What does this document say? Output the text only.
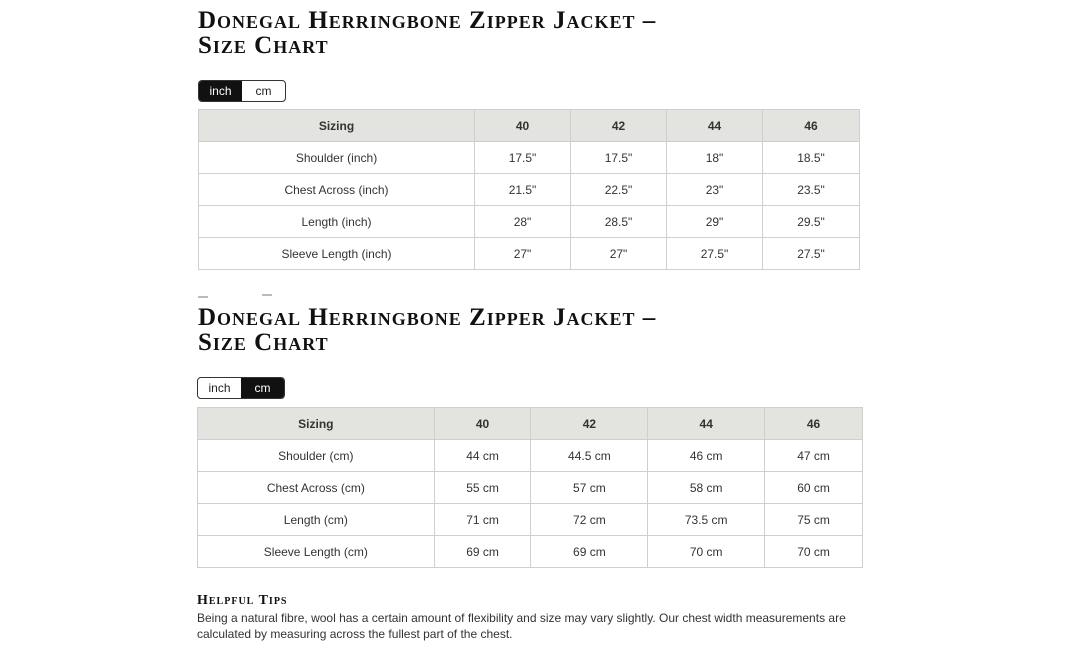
Donegal Herringbone Zipper Jacket – Size Chart
inch	cm
Sizing	40	42	44	46
Shoulder (inch)	17.5"	17.5"	18"	18.5"
Chest Across (inch)	21.5"	22.5"	23"	23.5"
Length (inch)	28"	28.5"	29"	29.5"
Sleeve Length (inch)	27"	27"	27.5"	27.5"
Donegal Herringbone Zipper Jacket – Size Chart
inch	cm
Sizing	40	42	44	46
Shoulder (cm)	44 cm	44.5 cm	46 cm	47 cm
Chest Across (cm)	55 cm	57 cm	58 cm	60 cm
Length (cm)	71 cm	72 cm	73.5 cm	75 cm
Sleeve Length (cm)	69 cm	69 cm	70 cm	70 cm
Helpful Tips
Being a natural fibre, wool has a certain amount of flexibility and size may vary slightly. Our chest width measurements are
calculated by measuring across the fullest part of the chest.
